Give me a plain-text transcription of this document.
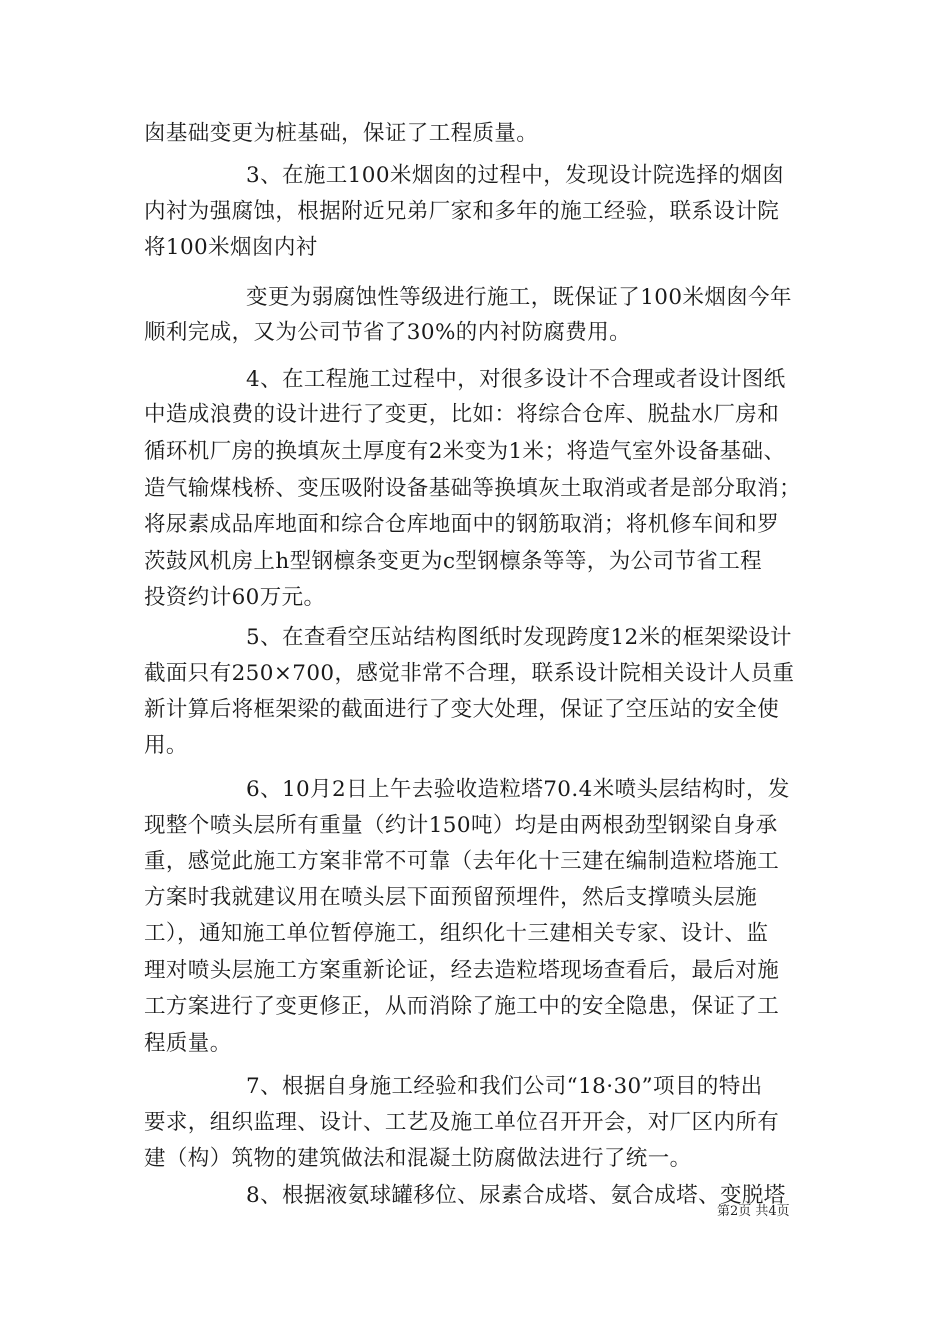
囱基础变更为桩基础，保证了工程质量。
3、在施工100米烟囱的过程中，发现设计院选择的烟囱
内衬为强腐蚀，根据附近兄弟厂家和多年的施工经验，联系设计院
将100米烟囱内衬
变更为弱腐蚀性等级进行施工，既保证了100米烟囱今年
顺利完成，又为公司节省了30%的内衬防腐费用。
4、在工程施工过程中，对很多设计不合理或者设计图纸
中造成浪费的设计进行了变更，比如：将综合仓库、脱盐水厂房和
循环机厂房的换填灰土厚度有2米变为1米；将造气室外设备基础、
造气输煤栈桥、变压吸附设备基础等换填灰土取消或者是部分取消；
将尿素成品库地面和综合仓库地面中的钢筋取消；将机修车间和罗
茨鼓风机房上h型钢檩条变更为c型钢檩条等等，为公司节省工程
投资约计60万元。
5、在查看空压站结构图纸时发现跨度12米的框架梁设计
截面只有250×700，感觉非常不合理，联系设计院相关设计人员重
新计算后将框架梁的截面进行了变大处理，保证了空压站的安全使
用。
6、10月2日上午去验收造粒塔70.4米喷头层结构时，发
现整个喷头层所有重量（约计150吨）均是由两根劲型钢梁自身承
重，感觉此施工方案非常不可靠（去年化十三建在编制造粒塔施工
方案时我就建议用在喷头层下面预留预埋件，然后支撑喷头层施
工），通知施工单位暂停施工，组织化十三建相关专家、设计、监
理对喷头层施工方案重新论证，经去造粒塔现场查看后，最后对施
工方案进行了变更修正，从而消除了施工中的安全隐患，保证了工
程质量。
7、根据自身施工经验和我们公司“18·30”项目的特出
要求，组织监理、设计、工艺及施工单位召开开会，对厂区内所有
建（构）筑物的建筑做法和混凝土防腐做法进行了统一。
8、根据液氨球罐移位、尿素合成塔、氨合成塔、变脱塔
第2页 共4页
